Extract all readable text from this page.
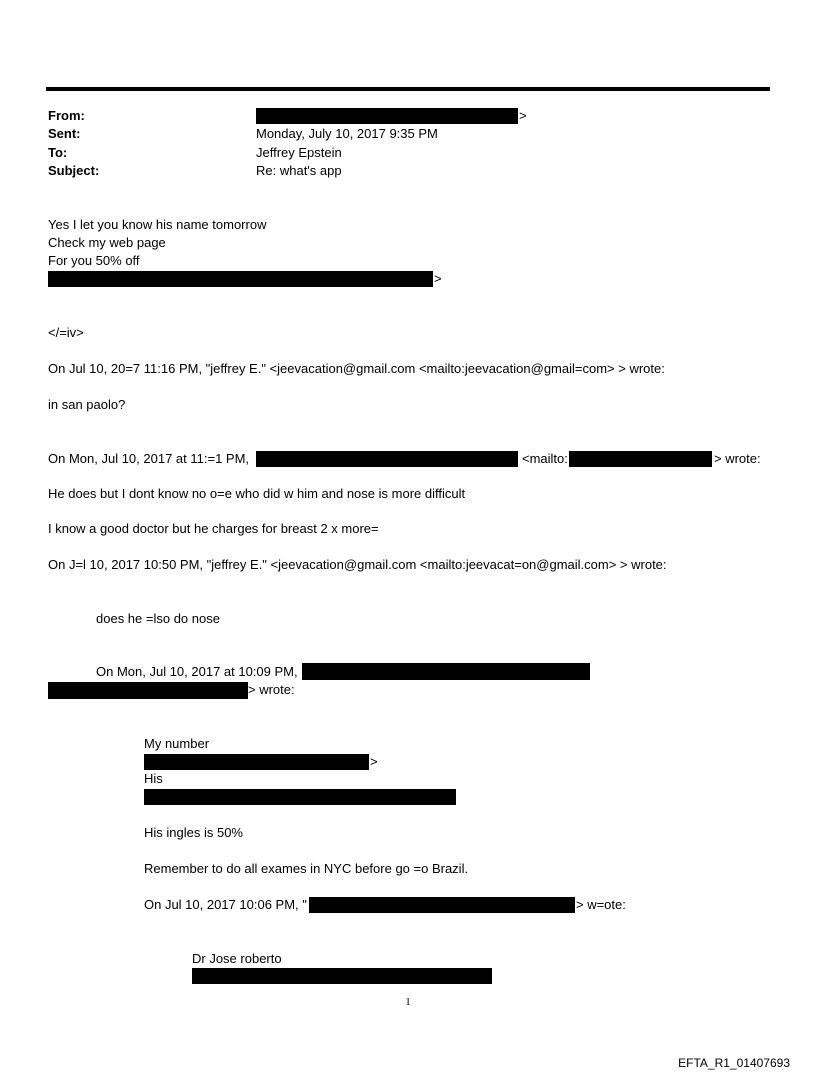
From:	>
Sent:	Monday, July 10, 2017 9:35 PM
To:	Jeffrey Epstein
Subject:	Re: what's app
Yes I let you know his name tomorrow
Check my web page
For you 50% off
>
</=iv>
On Jul 10, 20=7 11:16 PM, "jeffrey E." <jeevacation@gmail.com <mailto:jeevacation@gmail=com> > wrote:
in san paolo?
On Mon, Jul 10, 2017 at 11:=1 PM,	<mailto:	> wrote:
He does but I dont know no o=e who did w him and nose is more difficult
I know a good doctor but he charges for breast 2 x more=
On J=l 10, 2017 10:50 PM, "jeffrey E." <jeevacation@gmail.com <mailto:jeevacat=on@gmail.com> > wrote:
does he =lso do nose
On Mon, Jul 10, 2017 at 10:09 PM,
> wrote:
My number
>
His
His ingles is 50%
Remember to do all exames in NYC before go =o Brazil.
On Jul 10, 2017 10:06 PM, "	> w=ote:
Dr Jose roberto
1
EFTA_R1_01407693
